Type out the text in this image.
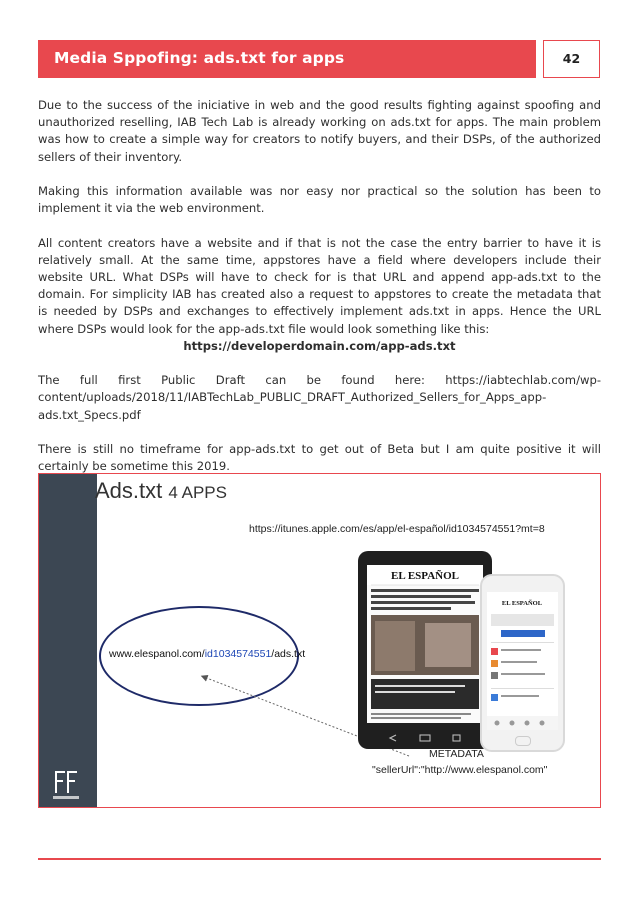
Media Sppofing: ads.txt for apps	42

Due to the success of the iniciative in web and the good results fighting against spoofing and unauthorized reselling, IAB Tech Lab is already working on ads.txt for apps. The main problem was how to create a simple way for creators to notify buyers, and their DSPs, of the authorized sellers of their inventory.

Making this information available was nor easy nor practical so the solution has been to implement it via the web environment.

All content creators have a website and if that is not the case the entry barrier to have it is relatively small. At the same time, appstores have a field where developers include their website URL. What DSPs will have to check for is that URL and append app-ads.txt to the domain. For simplicity IAB has created also a request to appstores to create the metadata that is needed by DSPs and exchanges to effectively implement ads.txt in apps. Hence the URL where DSPs would look for the app-ads.txt file would look something like this:

https://developerdomain.com/app-ads.txt

The full first Public Draft can be found here: https://iabtechlab.com/wp-content/uploads/2018/11/IABTechLab_PUBLIC_DRAFT_Authorized_Sellers_for_Apps_app-ads.txt_Specs.pdf

There is still no timeframe for app-ads.txt to get out of Beta but I am quite positive it will certainly be sometime this 2019.

Ads.txt 4 APPS
https://itunes.apple.com/es/app/el-español/id1034574551?mt=8
www.elespanol.com/id1034574551/ads.txt
EL ESPAÑOL
EL ESPAÑOL
METADATA
"sellerUrl":"http://www.elespanol.com"
